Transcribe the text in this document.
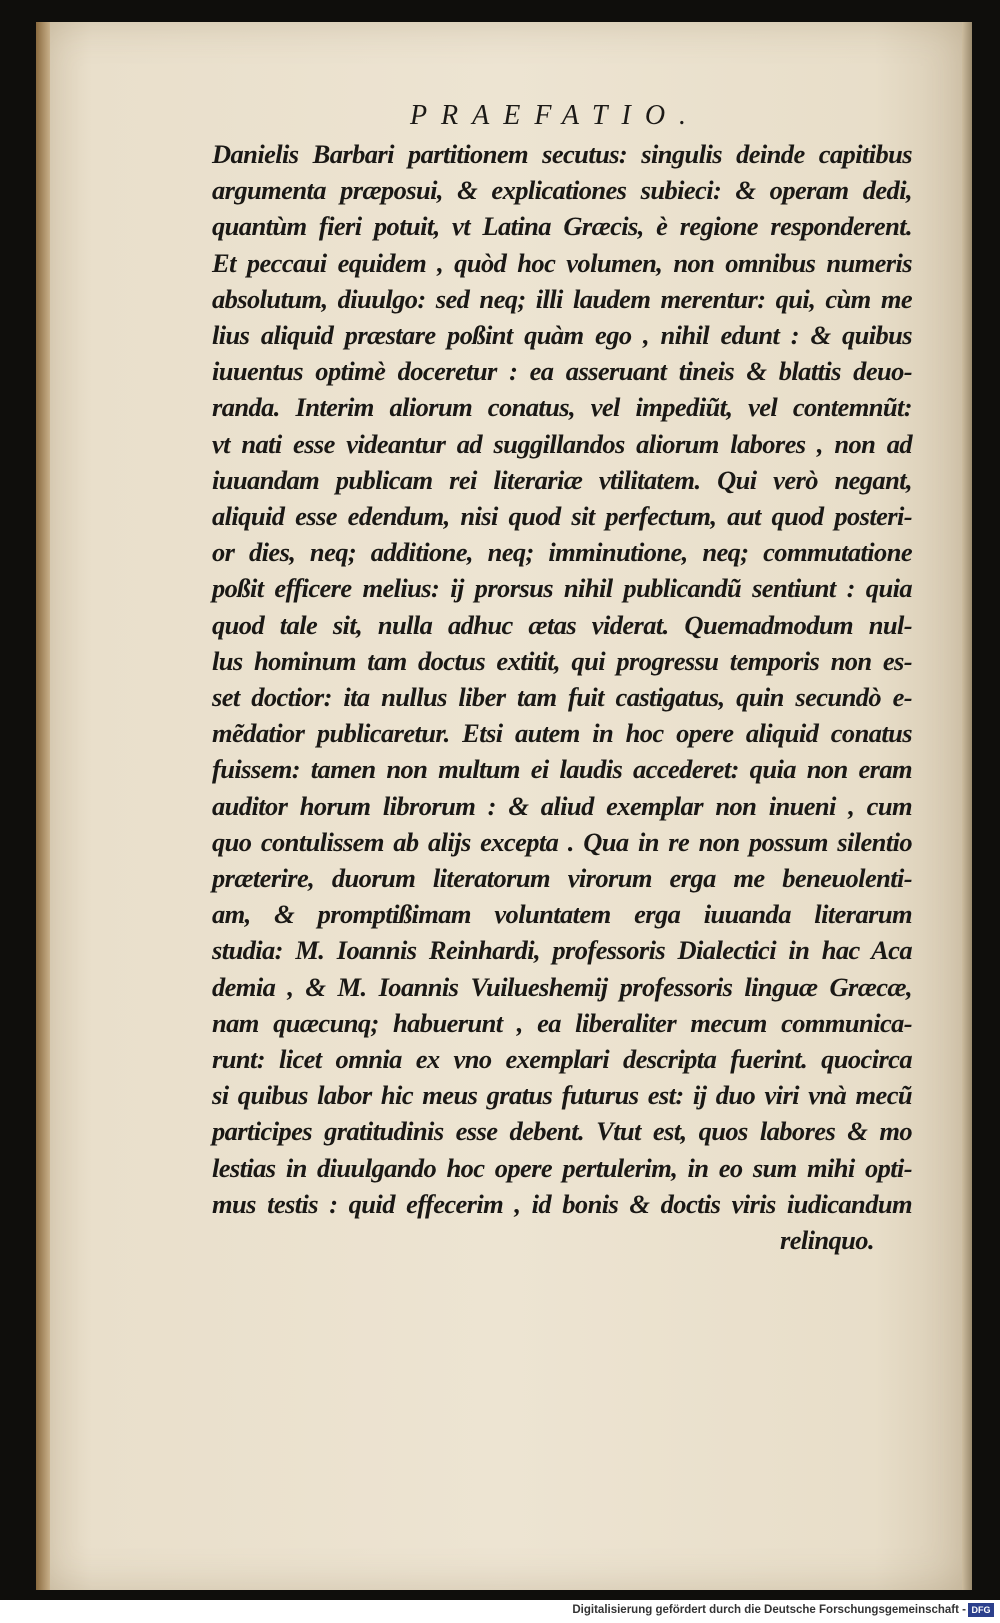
PRAEFATIO.
Danielis Barbari partitionem secutus: singulis deinde capitibus
argumenta præposui, & explicationes subieci: & operam dedi,
quantùm fieri potuit, vt Latina Græcis, è regione responderent.
Et peccaui equidem , quòd hoc volumen, non omnibus numeris
absolutum, diuulgo: sed neq; illi laudem merentur: qui, cùm me
lius aliquid præstare poßint quàm ego , nihil edunt : & quibus
iuuentus optimè doceretur : ea asseruant tineis & blattis deuo-
randa. Interim aliorum conatus, vel impediũt, vel contemnũt:
vt nati esse videantur ad suggillandos aliorum labores , non ad
iuuandam publicam rei literariæ vtilitatem. Qui verò negant,
aliquid esse edendum, nisi quod sit perfectum, aut quod posteri-
or dies, neq; additione, neq; imminutione, neq; commutatione
poßit efficere melius: ij prorsus nihil publicandũ sentiunt : quia
quod tale sit, nulla adhuc ætas viderat. Quemadmodum nul-
lus hominum tam doctus extitit, qui progressu temporis non es-
set doctior: ita nullus liber tam fuit castigatus, quin secundò e-
mẽdatior publicaretur. Etsi autem in hoc opere aliquid conatus
fuissem: tamen non multum ei laudis accederet: quia non eram
auditor horum librorum : & aliud exemplar non inueni , cum
quo contulissem ab alijs excepta . Qua in re non possum silentio
præterire, duorum literatorum virorum erga me beneuolenti-
am, & promptißimam voluntatem erga iuuanda literarum
studia: M. Ioannis Reinhardi, professoris Dialectici in hac Aca
demia , & M. Ioannis Vuilueshemij professoris linguæ Græcæ,
nam quæcunq; habuerunt , ea liberaliter mecum communica-
runt: licet omnia ex vno exemplari descripta fuerint. quocirca
si quibus labor hic meus gratus futurus est: ij duo viri vnà mecũ
participes gratitudinis esse debent. Vtut est, quos labores & mo
lestias in diuulgando hoc opere pertulerim, in eo sum mihi opti-
mus testis : quid effecerim , id bonis & doctis viris iudicandum
relinquo.
Digitalisierung gefördert durch die Deutsche Forschungsgemeinschaft - DFG
